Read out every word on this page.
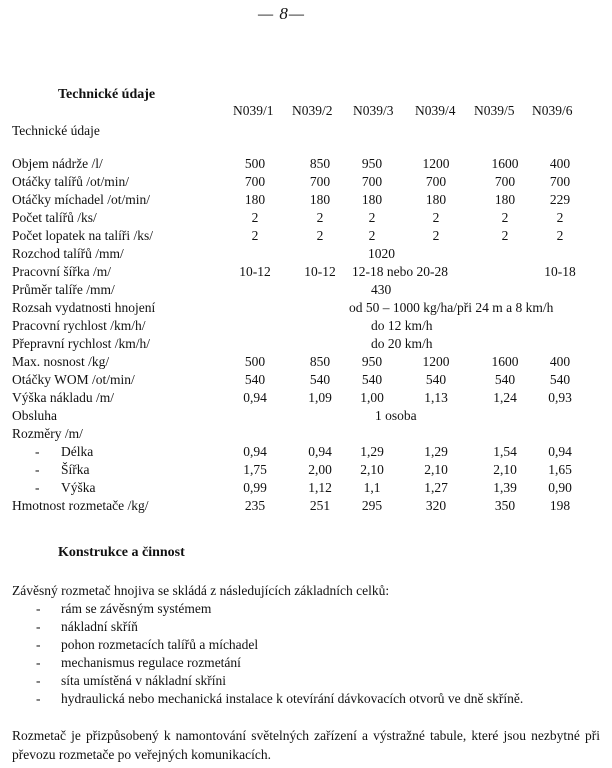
— 8—
Technické údaje
N039/1 N039/2 N039/3 N039/4 N039/5 N039/6
Technické údaje
Objem nádrže /l/	500	850 950	1200	1600 400
Otáčky talířů /ot/min/	700	700 700	700	700	700
Otáčky míchadel /ot/min/	180	180 180	180	180	229
Počet talířů /ks/	2	2	2	2	2	2
Počet lopatek na talíři /ks/	2	2	2	2	2	2
Rozchod talířů /mm/	1020
Pracovní šířka /m/	10-12 10-12 12-18 nebo 20-28	10-18
Průměr talíře /mm/	430
Rozsah vydatnosti hnojení	od 50 – 1000 kg/ha/při 24 m a 8 km/h
Pracovní rychlost /km/h/	do 12 km/h
Přepravní rychlost /km/h/	do 20 km/h
Max. nosnost /kg/	500	850 950	1200	1600 400
Otáčky WOM /ot/min/	540	540 540	540	540	540
Výška nákladu /m/	0,94	1,09 1,00	1,13	1,24 0,93
Obsluha	1 osoba
Rozměry /m/
- Délka	0,94	0,94 1,29	1,29	1,54 0,94
- Šířka	1,75	2,00 2,10	2,10	2,10 1,65
- Výška	0,99	1,12 1,1	1,27	1,39 0,90
Hmotnost rozmetače /kg/	235	251 295	320	350	198
Konstrukce a činnost
Závěsný rozmetač hnojiva se skládá z následujících základních celků:
- rám se závěsným systémem
- nákladní skříň
- pohon rozmetacích talířů a míchadel
- mechanismus regulace rozmetání
- síta umístěná v nákladní skříni
- hydraulická nebo mechanická instalace k otevírání dávkovacích otvorů ve dně skříně.
Rozmetač je přizpůsobený k namontování světelných zařízení a výstražné tabule, které jsou nezbytné při převozu rozmetače po veřejných komunikacích.
